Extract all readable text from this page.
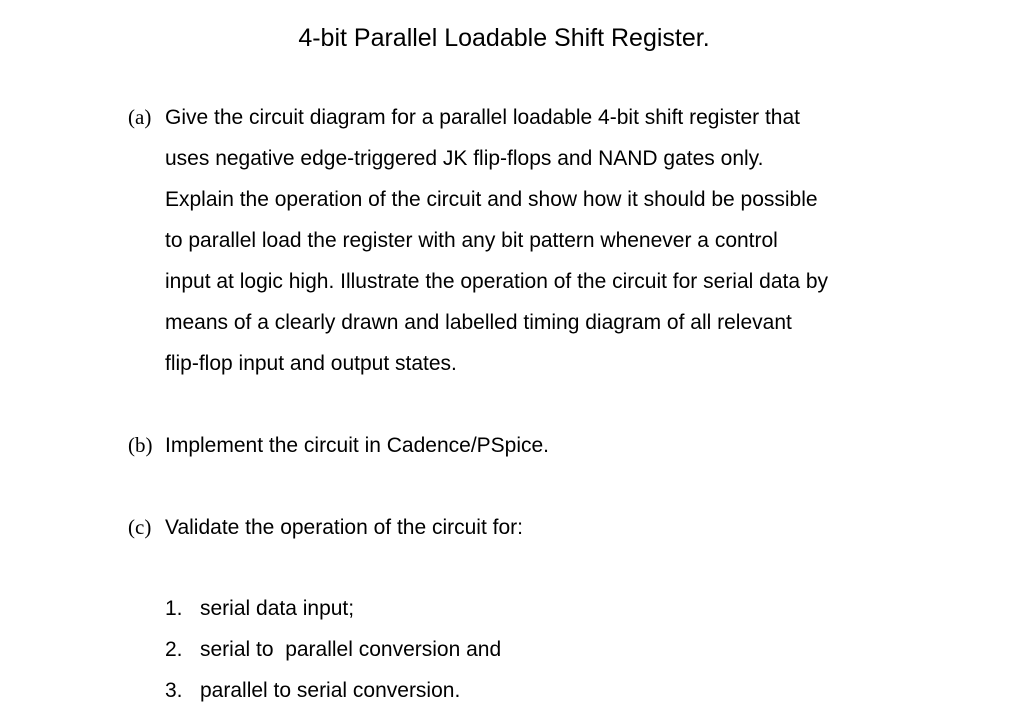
4-bit Parallel Loadable Shift Register.
(a) Give the circuit diagram for a parallel loadable 4-bit shift register that
uses negative edge-triggered JK flip-flops and NAND gates only.
Explain the operation of the circuit and show how it should be possible
to parallel load the register with any bit pattern whenever a control
input at logic high. Illustrate the operation of the circuit for serial data by
means of a clearly drawn and labelled timing diagram of all relevant
flip-flop input and output states.
(b) Implement the circuit in Cadence/PSpice.
(c) Validate the operation of the circuit for:
1. serial data input;
2. serial to  parallel conversion and
3. parallel to serial conversion.
